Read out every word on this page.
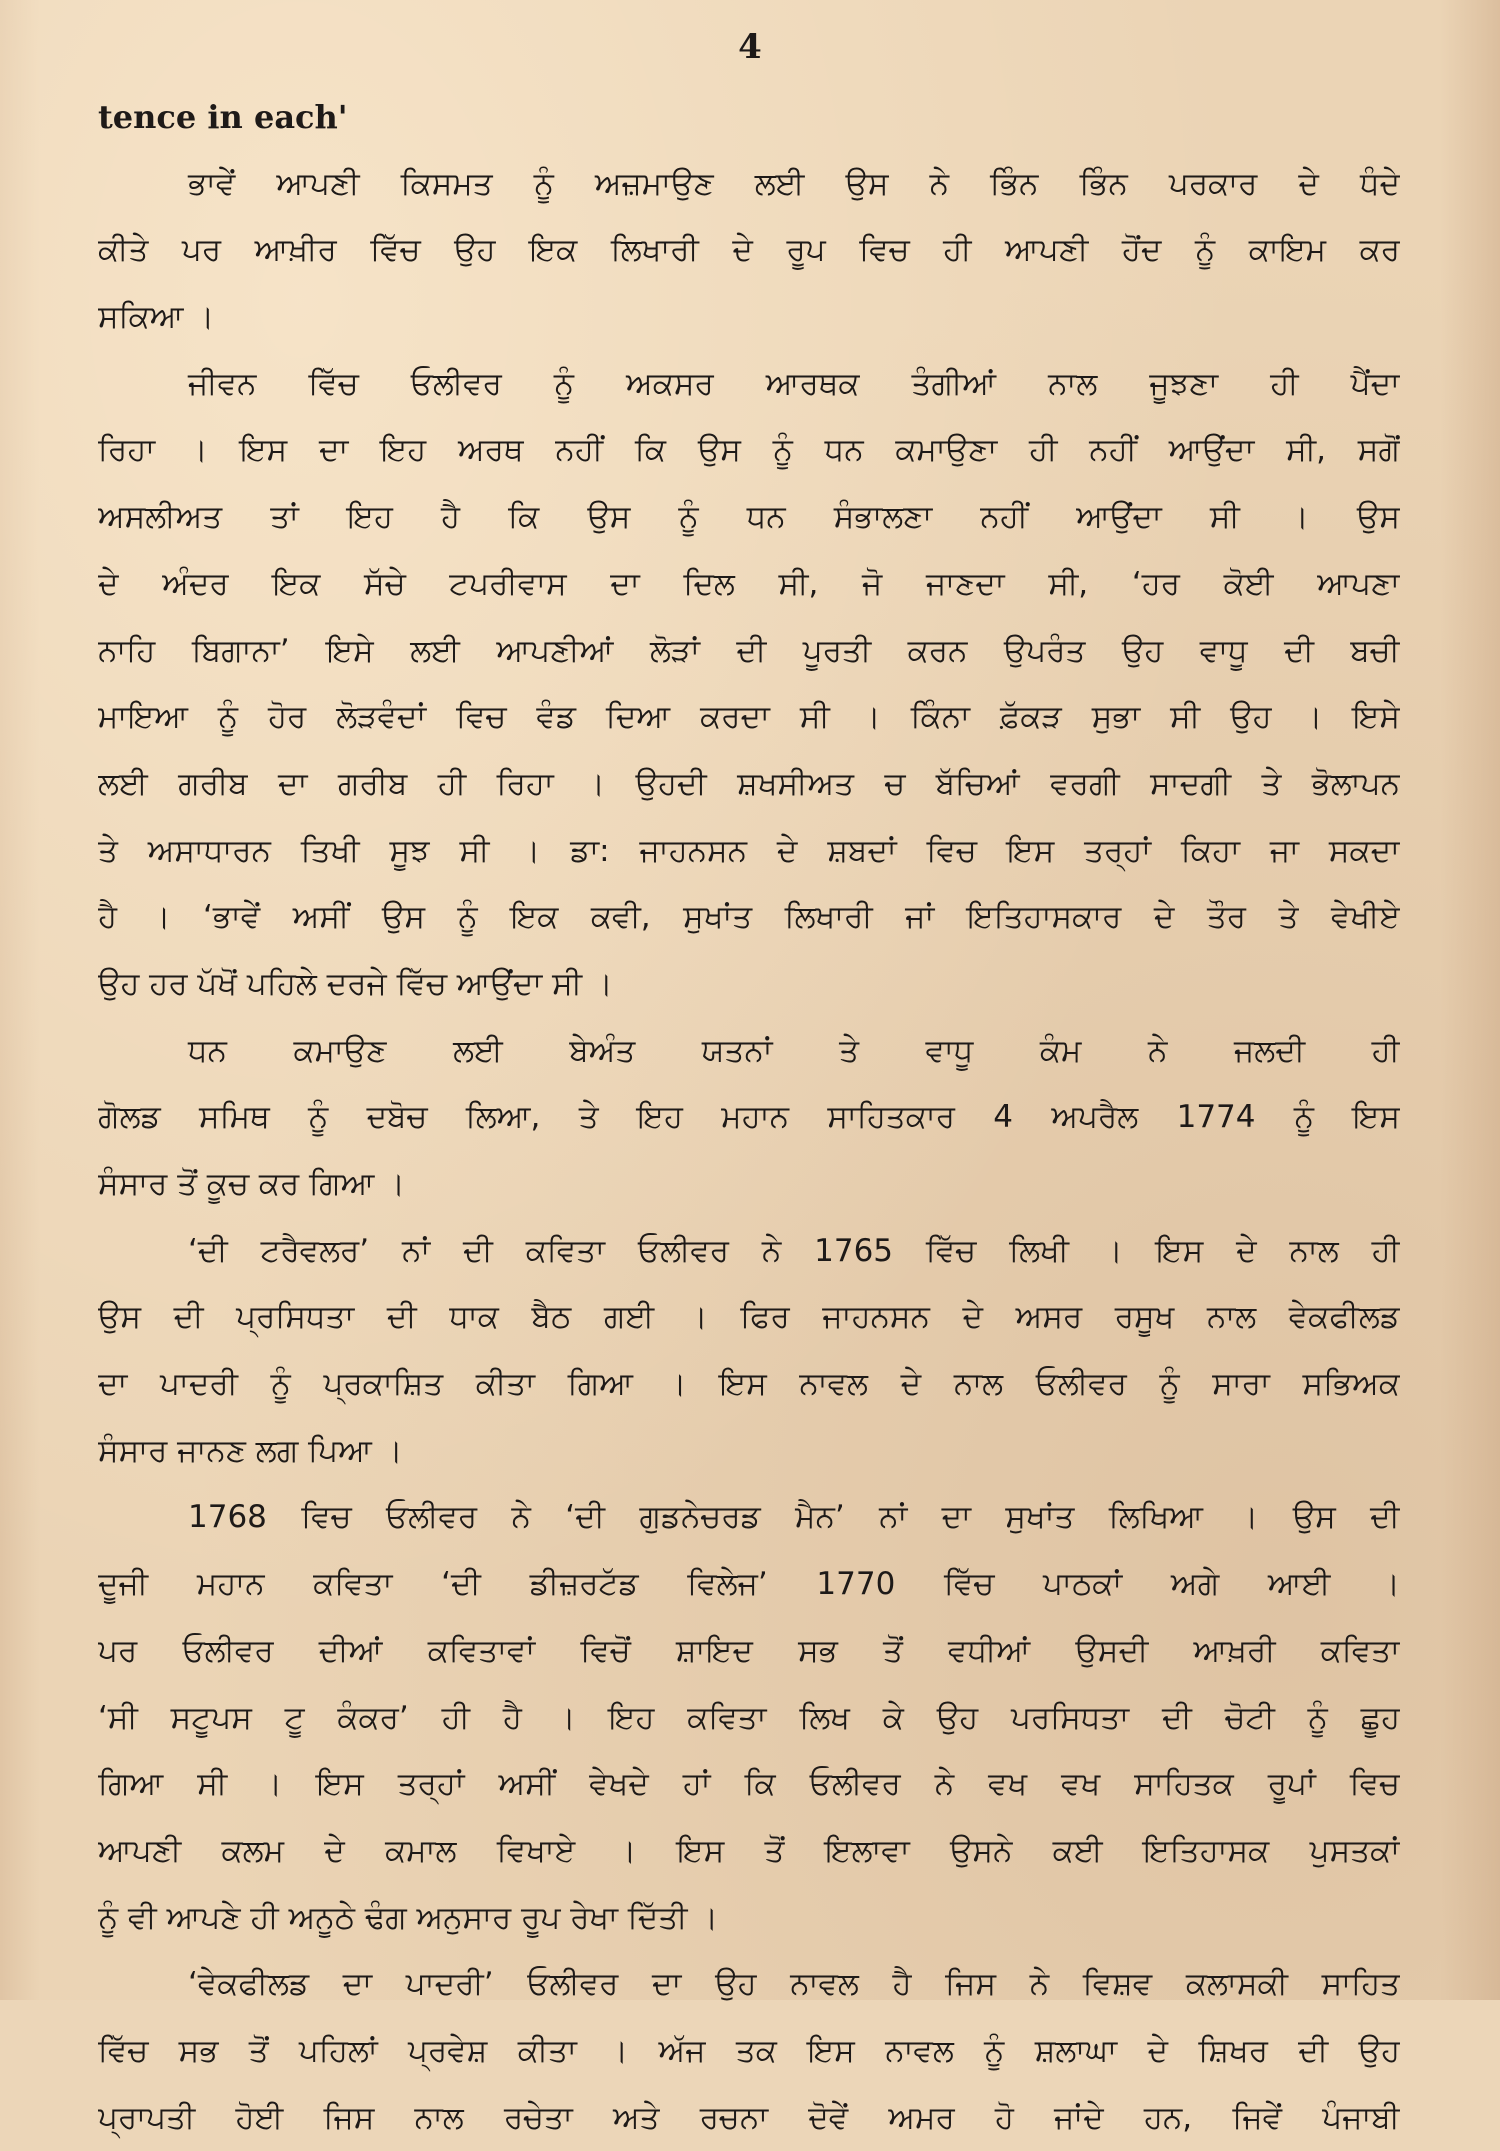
4
tence in each'
ਭਾਵੇਂ ਆਪਣੀ ਕਿਸਮਤ ਨੂੰ ਅਜ਼ਮਾਉਣ ਲਈ ਉਸ ਨੇ ਭਿੰਨ ਭਿੰਨ ਪਰਕਾਰ ਦੇ ਧੰਦੇ
ਕੀਤੇ ਪਰ ਆਖ਼ੀਰ ਵਿੱਚ ਉਹ ਇਕ ਲਿਖਾਰੀ ਦੇ ਰੂਪ ਵਿਚ ਹੀ ਆਪਣੀ ਹੋਂਦ ਨੂੰ ਕਾਇਮ ਕਰ
ਸਕਿਆ ।
ਜੀਵਨ ਵਿੱਚ ਓਲੀਵਰ ਨੂੰ ਅਕਸਰ ਆਰਥਕ ਤੰਗੀਆਂ ਨਾਲ ਜੂਝਣਾ ਹੀ ਪੈਂਦਾ
ਰਿਹਾ । ਇਸ ਦਾ ਇਹ ਅਰਥ ਨਹੀਂ ਕਿ ਉਸ ਨੂੰ ਧਨ ਕਮਾਉਣਾ ਹੀ ਨਹੀਂ ਆਉਂਦਾ ਸੀ, ਸਗੋਂ
ਅਸਲੀਅਤ ਤਾਂ ਇਹ ਹੈ ਕਿ ਉਸ ਨੂੰ ਧਨ ਸੰਭਾਲਣਾ ਨਹੀਂ ਆਉਂਦਾ ਸੀ । ਉਸ
ਦੇ ਅੰਦਰ ਇਕ ਸੱਚੇ ਟਪਰੀਵਾਸ ਦਾ ਦਿਲ ਸੀ, ਜੋ ਜਾਣਦਾ ਸੀ, ‘ਹਰ ਕੋਈ ਆਪਣਾ
ਨਾਹਿ ਬਿਗਾਨਾ’ ਇਸੇ ਲਈ ਆਪਣੀਆਂ ਲੋੜਾਂ ਦੀ ਪੂਰਤੀ ਕਰਨ ਉਪਰੰਤ ਉਹ ਵਾਧੂ ਦੀ ਬਚੀ
ਮਾਇਆ ਨੂੰ ਹੋਰ ਲੋੜਵੰਦਾਂ ਵਿਚ ਵੰਡ ਦਿਆ ਕਰਦਾ ਸੀ । ਕਿੰਨਾ ਫ਼ੱਕੜ ਸੁਭਾ ਸੀ ਉਹ । ਇਸੇ
ਲਈ ਗਰੀਬ ਦਾ ਗਰੀਬ ਹੀ ਰਿਹਾ । ਉਹਦੀ ਸ਼ਖਸੀਅਤ ਚ ਬੱਚਿਆਂ ਵਰਗੀ ਸਾਦਗੀ ਤੇ ਭੋਲਾਪਨ
ਤੇ ਅਸਾਧਾਰਨ ਤਿਖੀ ਸੂਝ ਸੀ । ਡਾ: ਜਾਹਨਸਨ ਦੇ ਸ਼ਬਦਾਂ ਵਿਚ ਇਸ ਤਰ੍ਹਾਂ ਕਿਹਾ ਜਾ ਸਕਦਾ
ਹੈ । ‘ਭਾਵੇਂ ਅਸੀਂ ਉਸ ਨੂੰ ਇਕ ਕਵੀ, ਸੁਖਾਂਤ ਲਿਖਾਰੀ ਜਾਂ ਇਤਿਹਾਸਕਾਰ ਦੇ ਤੌਰ ਤੇ ਵੇਖੀਏ
ਉਹ ਹਰ ਪੱਖੋਂ ਪਹਿਲੇ ਦਰਜੇ ਵਿੱਚ ਆਉਂਦਾ ਸੀ ।
ਧਨ ਕਮਾਉਣ ਲਈ ਬੇਅੰਤ ਯਤਨਾਂ ਤੇ ਵਾਧੂ ਕੰਮ ਨੇ ਜਲਦੀ ਹੀ
ਗੋਲਡ ਸਮਿਥ ਨੂੰ ਦਬੋਚ ਲਿਆ, ਤੇ ਇਹ ਮਹਾਨ ਸਾਹਿਤਕਾਰ 4 ਅਪਰੈਲ 1774 ਨੂੰ ਇਸ
ਸੰਸਾਰ ਤੋਂ ਕੂਚ ਕਰ ਗਿਆ ।
‘ਦੀ ਟਰੈਵਲਰ’ ਨਾਂ ਦੀ ਕਵਿਤਾ ਓਲੀਵਰ ਨੇ 1765 ਵਿੱਚ ਲਿਖੀ । ਇਸ ਦੇ ਨਾਲ ਹੀ
ਉਸ ਦੀ ਪ੍ਰਸਿਧਤਾ ਦੀ ਧਾਕ ਬੈਠ ਗਈ । ਫਿਰ ਜਾਹਨਸਨ ਦੇ ਅਸਰ ਰਸੂਖ ਨਾਲ ਵੇਕਫੀਲਡ
ਦਾ ਪਾਦਰੀ ਨੂੰ ਪ੍ਰਕਾਸ਼ਿਤ ਕੀਤਾ ਗਿਆ । ਇਸ ਨਾਵਲ ਦੇ ਨਾਲ ਓਲੀਵਰ ਨੂੰ ਸਾਰਾ ਸਭਿਅਕ
ਸੰਸਾਰ ਜਾਨਣ ਲਗ ਪਿਆ ।
1768 ਵਿਚ ਓਲੀਵਰ ਨੇ ‘ਦੀ ਗੁਡਨੇਚਰਡ ਮੈਨ’ ਨਾਂ ਦਾ ਸੁਖਾਂਤ ਲਿਖਿਆ । ਉਸ ਦੀ
ਦੂਜੀ ਮਹਾਨ ਕਵਿਤਾ ‘ਦੀ ਡੀਜ਼ਰਟੱਡ ਵਿਲੇਜ’ 1770 ਵਿੱਚ ਪਾਠਕਾਂ ਅਗੇ ਆਈ ।
ਪਰ ਓਲੀਵਰ ਦੀਆਂ ਕਵਿਤਾਵਾਂ ਵਿਚੋਂ ਸ਼ਾਇਦ ਸਭ ਤੋਂ ਵਧੀਆਂ ਉਸਦੀ ਆਖ਼ਰੀ ਕਵਿਤਾ
‘ਸੀ ਸਟੂਪਸ ਟੂ ਕੰਕਰ’ ਹੀ ਹੈ । ਇਹ ਕਵਿਤਾ ਲਿਖ ਕੇ ਉਹ ਪਰਸਿਧਤਾ ਦੀ ਚੋਟੀ ਨੂੰ ਛੂਹ
ਗਿਆ ਸੀ । ਇਸ ਤਰ੍ਹਾਂ ਅਸੀਂ ਵੇਖਦੇ ਹਾਂ ਕਿ ਓਲੀਵਰ ਨੇ ਵਖ ਵਖ ਸਾਹਿਤਕ ਰੂਪਾਂ ਵਿਚ
ਆਪਣੀ ਕਲਮ ਦੇ ਕਮਾਲ ਵਿਖਾਏ । ਇਸ ਤੋਂ ਇਲਾਵਾ ਉਸਨੇ ਕਈ ਇਤਿਹਾਸਕ ਪੁਸਤਕਾਂ
ਨੂੰ ਵੀ ਆਪਣੇ ਹੀ ਅਨੂਠੇ ਢੰਗ ਅਨੁਸਾਰ ਰੂਪ ਰੇਖਾ ਦਿੱਤੀ ।
‘ਵੇਕਫੀਲਡ ਦਾ ਪਾਦਰੀ’ ਓਲੀਵਰ ਦਾ ਉਹ ਨਾਵਲ ਹੈ ਜਿਸ ਨੇ ਵਿਸ਼ਵ ਕਲਾਸਕੀ ਸਾਹਿਤ
ਵਿੱਚ ਸਭ ਤੋਂ ਪਹਿਲਾਂ ਪ੍ਰਵੇਸ਼ ਕੀਤਾ । ਅੱਜ ਤਕ ਇਸ ਨਾਵਲ ਨੂੰ ਸ਼ਲਾਘਾ ਦੇ ਸ਼ਿਖਰ ਦੀ ਉਹ
ਪ੍ਰਾਪਤੀ ਹੋਈ ਜਿਸ ਨਾਲ ਰਚੇਤਾ ਅਤੇ ਰਚਨਾ ਦੋਵੇਂ ਅਮਰ ਹੋ ਜਾਂਦੇ ਹਨ, ਜਿਵੇਂ ਪੰਜਾਬੀ
